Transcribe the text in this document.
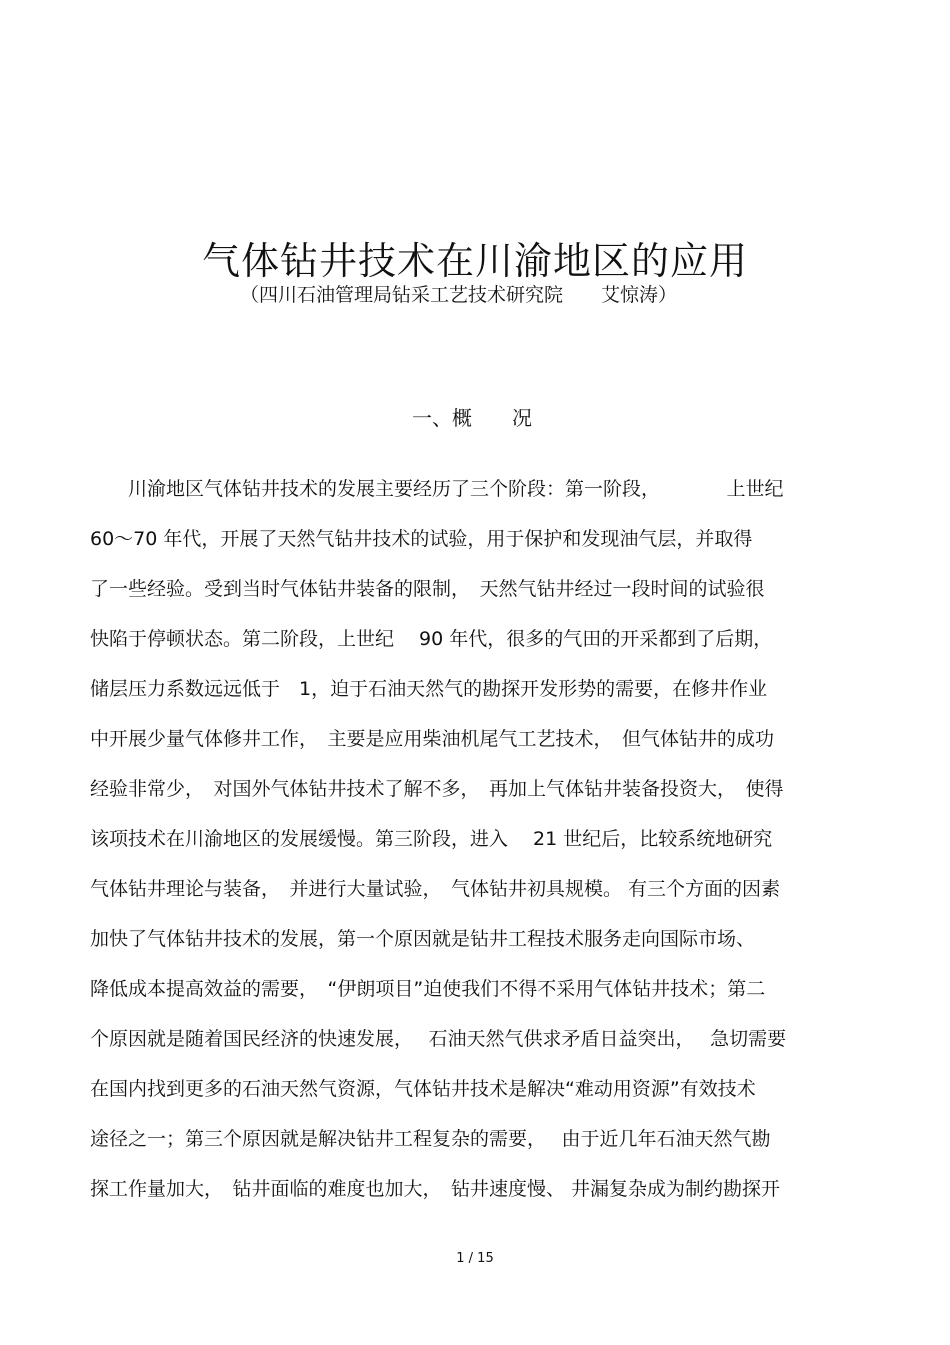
气体钻井技术在川渝地区的应用
（四川石油管理局钻采工艺技术研究院　　艾惊涛）
一、概　　况
川渝地区气体钻井技术的发展主要经历了三个阶段：第一阶段，　　　　上世纪
60～70 年代，开展了天然气钻井技术的试验，用于保护和发现油气层，并取得
了一些经验。受到当时气体钻井装备的限制，　天然气钻井经过一段时间的试验很
快陷于停顿状态。第二阶段，上世纪　 90 年代，很多的气田的开采都到了后期，
储层压力系数远远低于　1，迫于石油天然气的勘探开发形势的需要，在修井作业
中开展少量气体修井工作，　主要是应用柴油机尾气工艺技术，　但气体钻井的成功
经验非常少，　对国外气体钻井技术了解不多，　再加上气体钻井装备投资大，　使得
该项技术在川渝地区的发展缓慢。第三阶段，进入　 21 世纪后，比较系统地研究
气体钻井理论与装备，　并进行大量试验，　气体钻井初具规模。 有三个方面的因素
加快了气体钻井技术的发展，第一个原因就是钻井工程技术服务走向国际市场、
降低成本提高效益的需要，　“伊朗项目”迫使我们不得不采用气体钻井技术；第二
个原因就是随着国民经济的快速发展，　 石油天然气供求矛盾日益突出，　 急切需要
在国内找到更多的石油天然气资源，气体钻井技术是解决“难动用资源”有效技术
途径之一；第三个原因就是解决钻井工程复杂的需要，　 由于近几年石油天然气勘
探工作量加大，　钻井面临的难度也加大，　钻井速度慢、 井漏复杂成为制约勘探开
1 / 15
